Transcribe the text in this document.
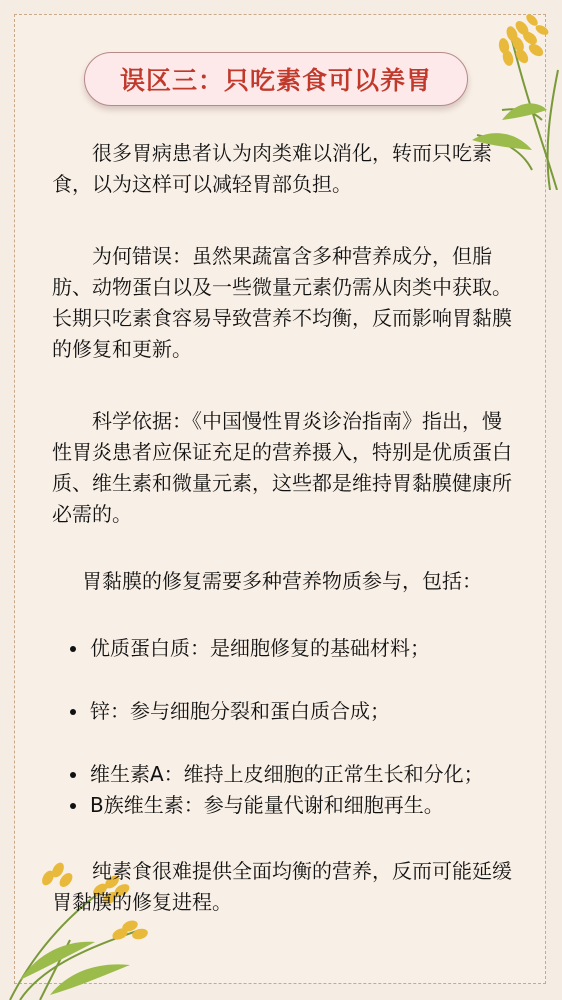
误区三：只吃素食可以养胃

很多胃病患者认为肉类难以消化，转而只吃素食，以为这样可以减轻胃部负担。

为何错误：虽然果蔬富含多种营养成分，但脂肪、动物蛋白以及一些微量元素仍需从肉类中获取。长期只吃素食容易导致营养不均衡，反而影响胃黏膜的修复和更新。

科学依据：《中国慢性胃炎诊治指南》指出，慢性胃炎患者应保证充足的营养摄入，特别是优质蛋白质、维生素和微量元素，这些都是维持胃黏膜健康所必需的。

胃黏膜的修复需要多种营养物质参与，包括：

优质蛋白质：是细胞修复的基础材料；
锌：参与细胞分裂和蛋白质合成；
维生素A：维持上皮细胞的正常生长和分化；
B族维生素：参与能量代谢和细胞再生。

纯素食很难提供全面均衡的营养，反而可能延缓胃黏膜的修复进程。
